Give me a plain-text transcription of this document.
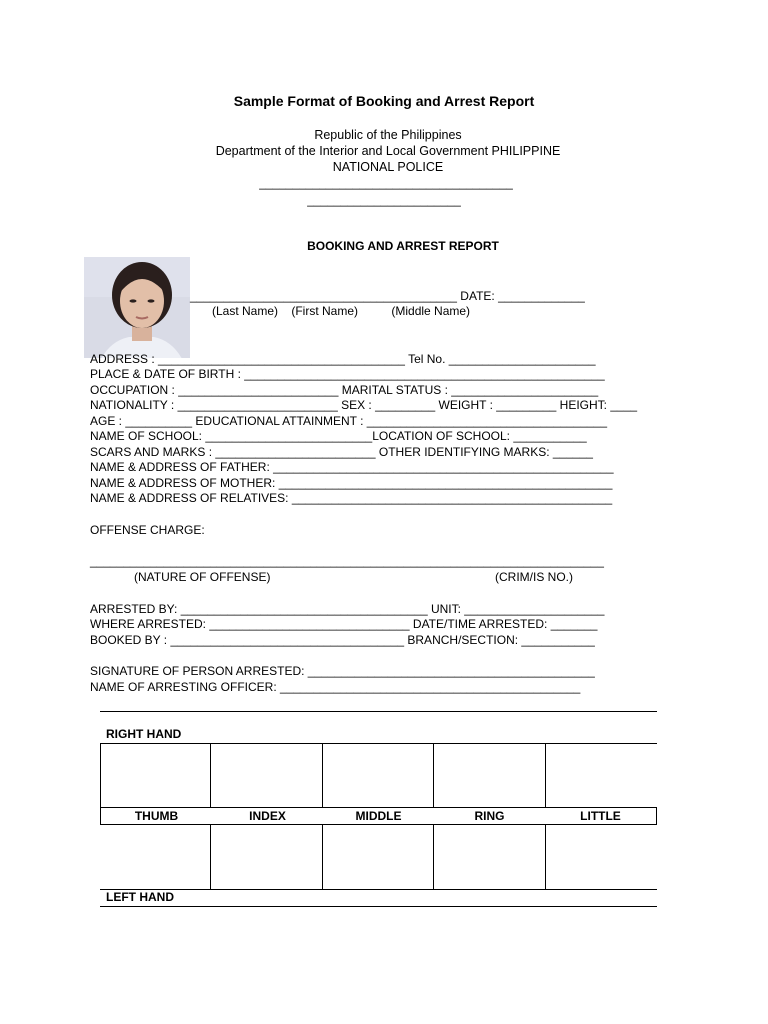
Sample Format of Booking and Arrest Report
Republic of the Philippines
Department of the Interior and Local Government PHILIPPINE
NATIONAL POLICE
______________________________________
_______________________
BOOKING AND ARREST REPORT

________________________________________ DATE: _____________
(Last Name)    (First Name)          (Middle Name)
ADDRESS : _____________________________________ Tel No. ______________________
PLACE & DATE OF BIRTH : ______________________________________________________
OCCUPATION : ________________________ MARITAL STATUS : ______________________
NATIONALITY : ________________________ SEX : _________ WEIGHT : _________ HEIGHT: ____
AGE : __________ EDUCATIONAL ATTAINMENT : ____________________________________
NAME OF SCHOOL: _________________________LOCATION OF SCHOOL: ___________
SCARS AND MARKS : ________________________ OTHER IDENTIFYING MARKS: ______
NAME & ADDRESS OF FATHER: ___________________________________________________
NAME & ADDRESS OF MOTHER: __________________________________________________
NAME & ADDRESS OF RELATIVES: ________________________________________________
OFFENSE CHARGE:
_____________________________________________________________________________
(NATURE OF OFFENSE)	(CRIM/IS NO.)
ARRESTED BY: _____________________________________ UNIT: _____________________
WHERE ARRESTED: ______________________________ DATE/TIME ARRESTED: _______
BOOKED BY : ___________________________________ BRANCH/SECTION: ___________
SIGNATURE OF PERSON ARRESTED: ___________________________________________
NAME OF ARRESTING OFFICER: _____________________________________________
RIGHT HAND
THUMB	INDEX	MIDDLE	RING	LITTLE
LEFT HAND
